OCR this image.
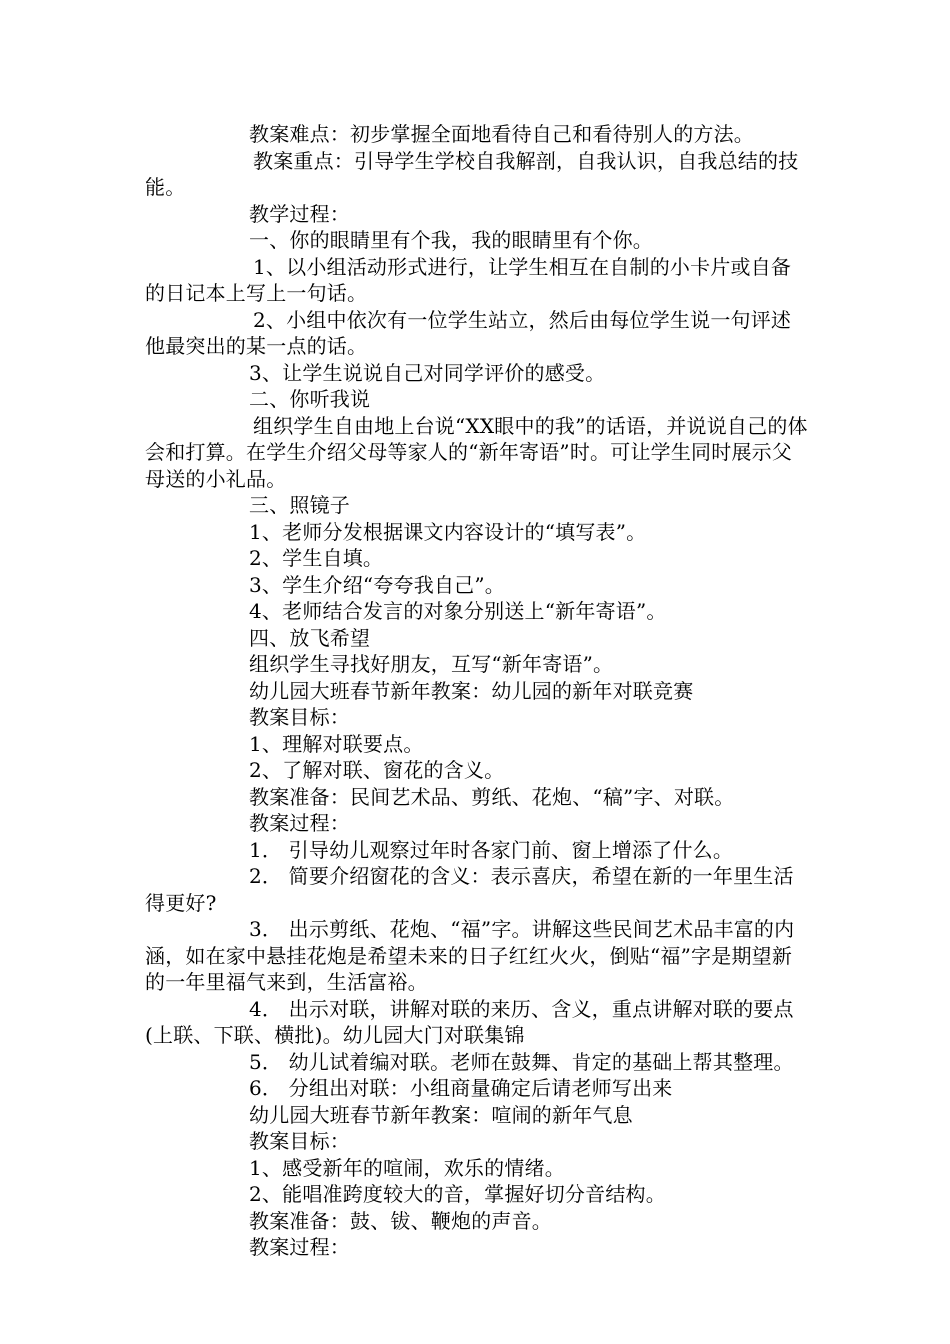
教案难点：初步掌握全面地看待自己和看待别人的方法。

教案重点：引导学生学校自我解剖，自我认识，自我总结的技能。

教学过程：

一、你的眼睛里有个我，我的眼睛里有个你。

1、以小组活动形式进行，让学生相互在自制的小卡片或自备的日记本上写上一句话。

2、小组中依次有一位学生站立，然后由每位学生说一句评述他最突出的某一点的话。

3、让学生说说自己对同学评价的感受。

二、你听我说

组织学生自由地上台说“XX眼中的我”的话语，并说说自己的体会和打算。在学生介绍父母等家人的“新年寄语”时。可让学生同时展示父母送的小礼品。

三、照镜子

1、老师分发根据课文内容设计的“填写表”。

2、学生自填。

3、学生介绍“夸夸我自己”。

4、老师结合发言的对象分别送上“新年寄语”。

四、放飞希望

组织学生寻找好朋友，互写“新年寄语”。

幼儿园大班春节新年教案：幼儿园的新年对联竞赛

教案目标：

1、理解对联要点。

2、了解对联、窗花的含义。

教案准备：民间艺术品、剪纸、花炮、“稿”字、对联。

教案过程：

1． 引导幼儿观察过年时各家门前、窗上增添了什么。

2． 简要介绍窗花的含义：表示喜庆，希望在新的一年里生活得更好?

3． 出示剪纸、花炮、“福”字。讲解这些民间艺术品丰富的内涵，如在家中悬挂花炮是希望未来的日子红红火火，倒贴“福”字是期望新的一年里福气来到，生活富裕。

4． 出示对联，讲解对联的来历、含义，重点讲解对联的要点(上联、下联、横批)。幼儿园大门对联集锦

5． 幼儿试着编对联。老师在鼓舞、肯定的基础上帮其整理。

6． 分组出对联：小组商量确定后请老师写出来

幼儿园大班春节新年教案：喧闹的新年气息

教案目标：

1、感受新年的喧闹，欢乐的情绪。

2、能唱准跨度较大的音，掌握好切分音结构。

教案准备：鼓、钹、鞭炮的声音。

教案过程：
